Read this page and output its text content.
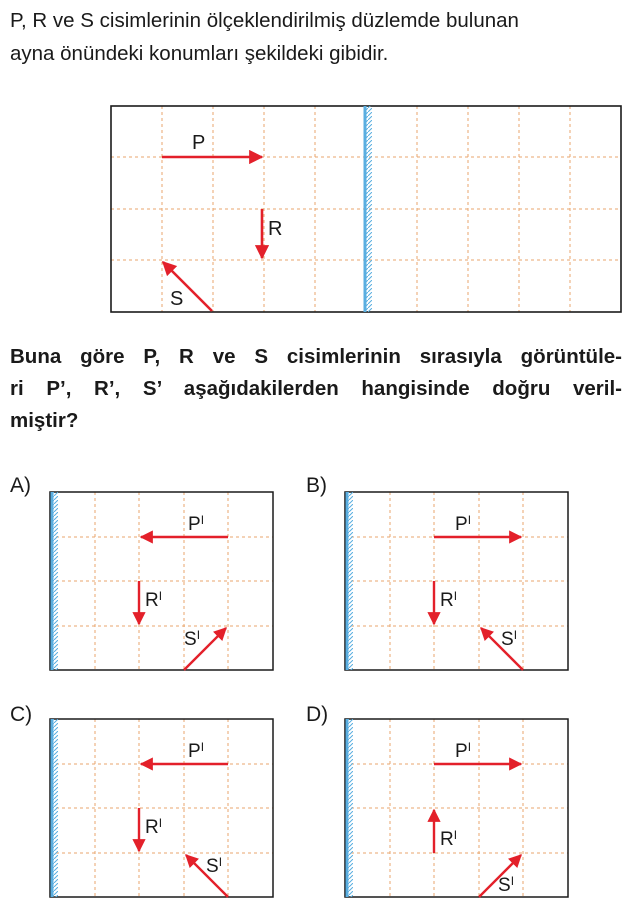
P, R ve S cisimlerinin ölçeklendirilmiş düzlemde bulunan
ayna önündeki konumları şekildeki gibidir.

P
R
S
$P^I$
$R^I$
$S^I$
$P^I$
$R^I$
$S^I$
$P^I$
$R^I$
$S^I$
$P^I$
$R^I$
$S^I$

Buna göre P, R ve S cisimlerinin sırasıyla görüntüle-
ri P’, R’, S’ aşağıdakilerden hangisinde doğru veril-
miştir?

A)	B)
C)	D)
